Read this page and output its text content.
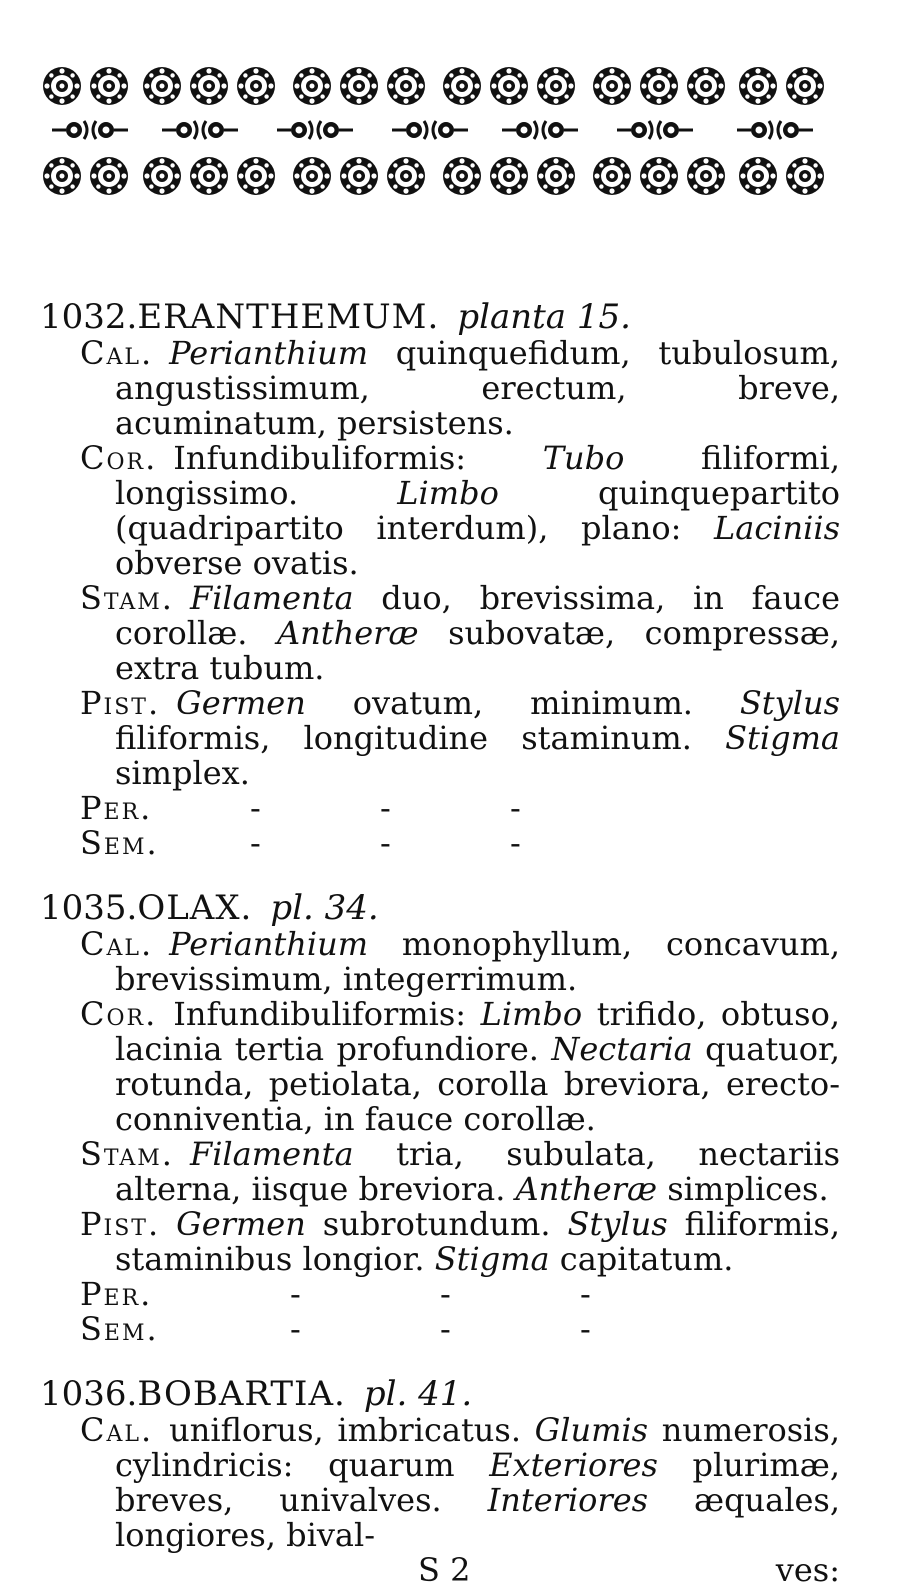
1032.ERANTHEMUM. planta 15.
Cal. Perianthium quinquefidum, tubulosum, angustissimum, erectum, breve, acuminatum, persistens.
Cor. Infundibuliformis: Tubo filiformi, longissimo. Limbo quinquepartito (quadripartito interdum), plano: Laciniis obverse ovatis.
Stam. Filamenta duo, brevissima, in fauce corollæ. Antheræ subovatæ, compressæ, extra tubum.
Pist. Germen ovatum, minimum. Stylus filiformis, longitudine staminum. Stigma simplex.
Per.	-	-	-
Sem.	-	-	-
1035.OLAX. pl. 34.
Cal. Perianthium monophyllum, concavum, brevissimum, integerrimum.
Cor. Infundibuliformis: Limbo trifido, obtuso, lacinia tertia profundiore. Nectaria quatuor, rotunda, petiolata, corolla breviora, erecto-conniventia, in fauce corollæ.
Stam. Filamenta tria, subulata, nectariis alterna, iisque breviora. Antheræ simplices.
Pist. Germen subrotundum. Stylus filiformis, staminibus longior. Stigma capitatum.
Per.	-	-	-
Sem.	-	-	-
1036.BOBARTIA. pl. 41.
Cal. uniflorus, imbricatus. Glumis numerosis, cylindricis: quarum Exteriores plurimæ, breves, univalves. Interiores æquales, longiores, bival-
S 2	ves:
